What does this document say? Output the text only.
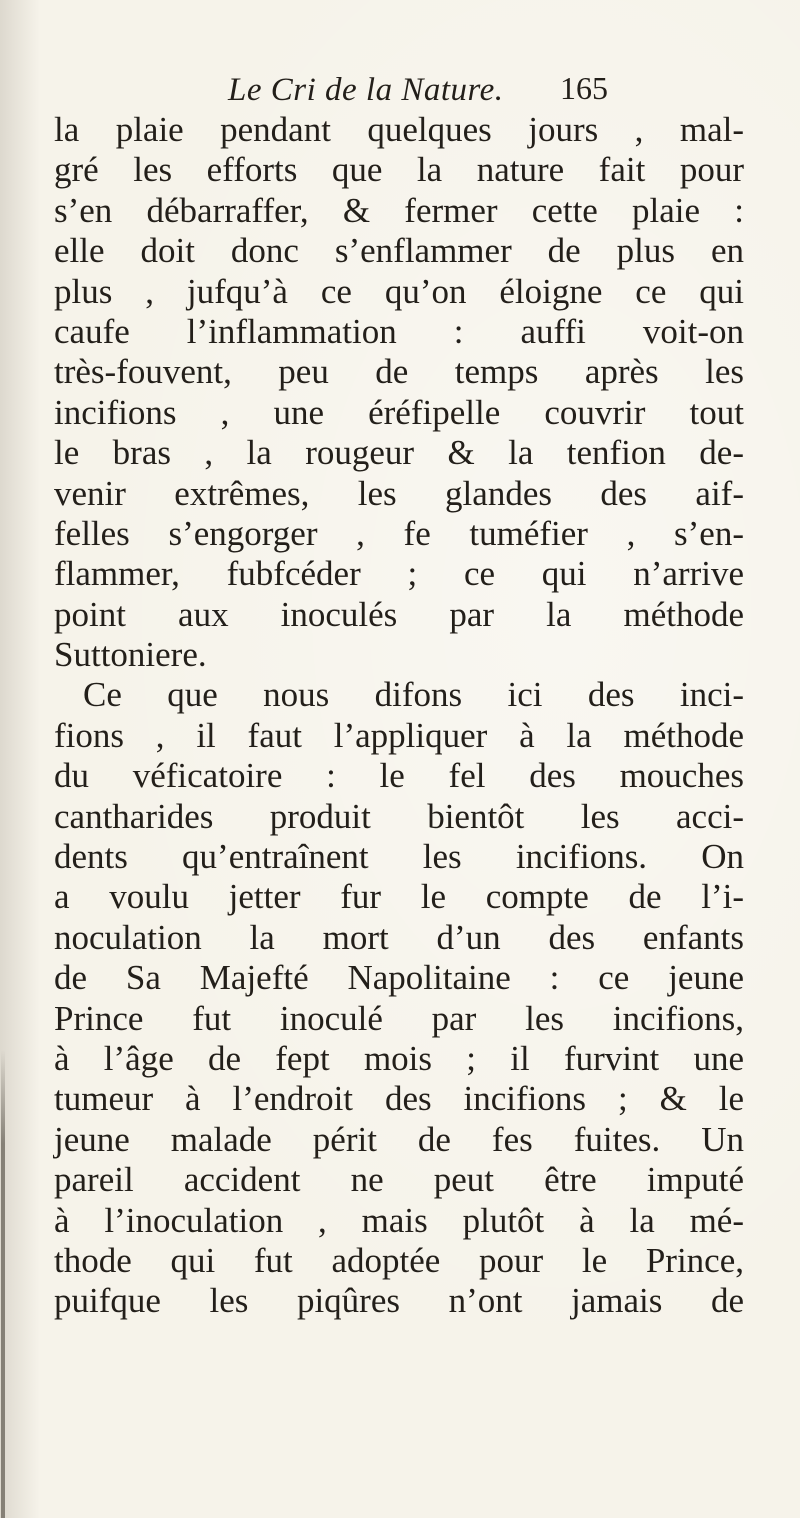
Le Cri de la Nature. 165
la plaie pendant quelques jours , mal-
gré les efforts que la nature fait pour
s’en débarraffer, & fermer cette plaie :
elle doit donc s’enflammer de plus en
plus , jufqu’à ce qu’on éloigne ce qui
caufe l’inflammation : auffi voit-on
très-fouvent, peu de temps après les
incifions , une éréfipelle couvrir tout
le bras , la rougeur & la tenfion de-
venir extrêmes, les glandes des aif-
felles s’engorger , fe tuméfier , s’en-
flammer, fubfcéder ; ce qui n’arrive
point aux inoculés par la méthode
Suttoniere.
Ce que nous difons ici des inci-
fions , il faut l’appliquer à la méthode
du véficatoire : le fel des mouches
cantharides produit bientôt les acci-
dents qu’entraînent les incifions. On
a voulu jetter fur le compte de l’i-
noculation la mort d’un des enfants
de Sa Majefté Napolitaine : ce jeune
Prince fut inoculé par les incifions,
à l’âge de fept mois ; il furvint une
tumeur à l’endroit des incifions ; & le
jeune malade périt de fes fuites. Un
pareil accident ne peut être imputé
à l’inoculation , mais plutôt à la mé-
thode qui fut adoptée pour le Prince,
puifque les piqûres n’ont jamais de
